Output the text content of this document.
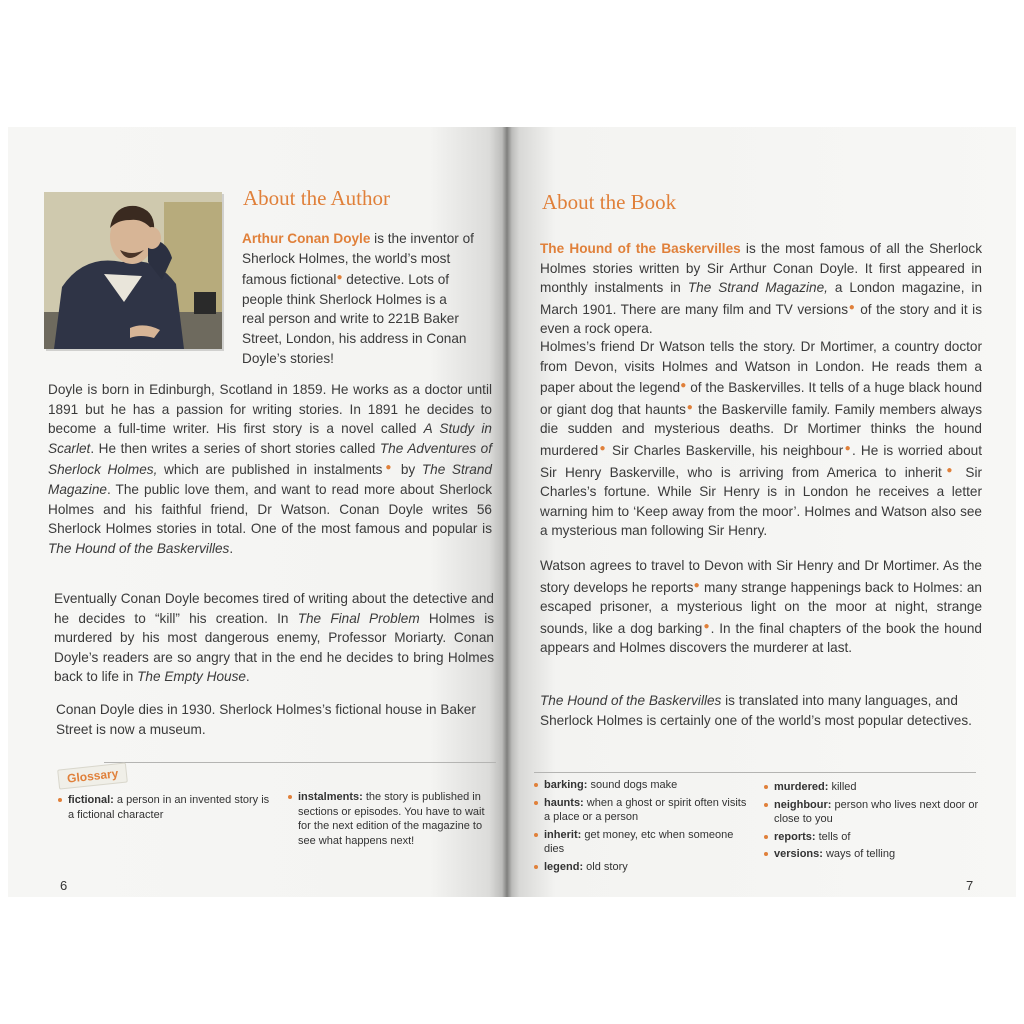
About the Author

Arthur Conan Doyle is the inventor of

Sherlock Holmes, the world’s most

famous fictional● detective. Lots of

people think Sherlock Holmes is a

real person and write to 221B Baker

Street, London, his address in Conan

Doyle’s stories!

Doyle is born in Edinburgh, Scotland in 1859. He works as a doctor until 1891 but he has a passion for writing stories. In 1891 he decides to become a full-time writer. His first story is a novel called A Study in Scarlet. He then writes a series of short stories called The Adventures of Sherlock Holmes, which are published in instalments● by The Strand Magazine. The public love them, and want to read more about Sherlock Holmes and his faithful friend, Dr Watson. Conan Doyle writes 56 Sherlock Holmes stories in total. One of the most famous and popular is The Hound of the Baskervilles.
Eventually Conan Doyle becomes tired of writing about the detective and he decides to “kill” his creation. In The Final Problem Holmes is murdered by his most dangerous enemy, Professor Moriarty. Conan Doyle’s readers are so angry that in the end he decides to bring Holmes back to life in The Empty House.
Conan Doyle dies in 1930. Sherlock Holmes’s fictional house in Baker Street is now a museum.
Glossary
fictional: a person in an invented story is a fictional character
instalments: the story is published in sections or episodes. You have to wait for the next edition of the magazine to see what happens next!
6
About the Book
The Hound of the Baskervilles is the most famous of all the Sherlock Holmes stories written by Sir Arthur Conan Doyle. It first appeared in monthly instalments in The Strand Magazine, a London magazine, in March 1901. There are many film and TV versions● of the story and it is even a rock opera.
Holmes’s friend Dr Watson tells the story. Dr Mortimer, a country doctor from Devon, visits Holmes and Watson in London. He reads them a paper about the legend● of the Baskervilles. It tells of a huge black hound or giant dog that haunts● the Baskerville family. Family members always die sudden and mysterious deaths. Dr Mortimer thinks the hound murdered● Sir Charles Baskerville, his neighbour●. He is worried about Sir Henry Baskerville, who is arriving from America to inherit● Sir Charles’s fortune. While Sir Henry is in London he receives a letter warning him to ‘Keep away from the moor’. Holmes and Watson also see a mysterious man following Sir Henry.
Watson agrees to travel to Devon with Sir Henry and Dr Mortimer. As the story develops he reports● many strange happenings back to Holmes: an escaped prisoner, a mysterious light on the moor at night, strange sounds, like a dog barking●. In the final chapters of the book the hound appears and Holmes discovers the murderer at last.
The Hound of the Baskervilles is translated into many languages, and Sherlock Holmes is certainly one of the world’s most popular detectives.
barking: sound dogs make
haunts: when a ghost or spirit often visits a place or a person
inherit: get money, etc when someone dies
legend: old story
murdered: killed
neighbour: person who lives next door or close to you
reports: tells of
versions: ways of telling
7
